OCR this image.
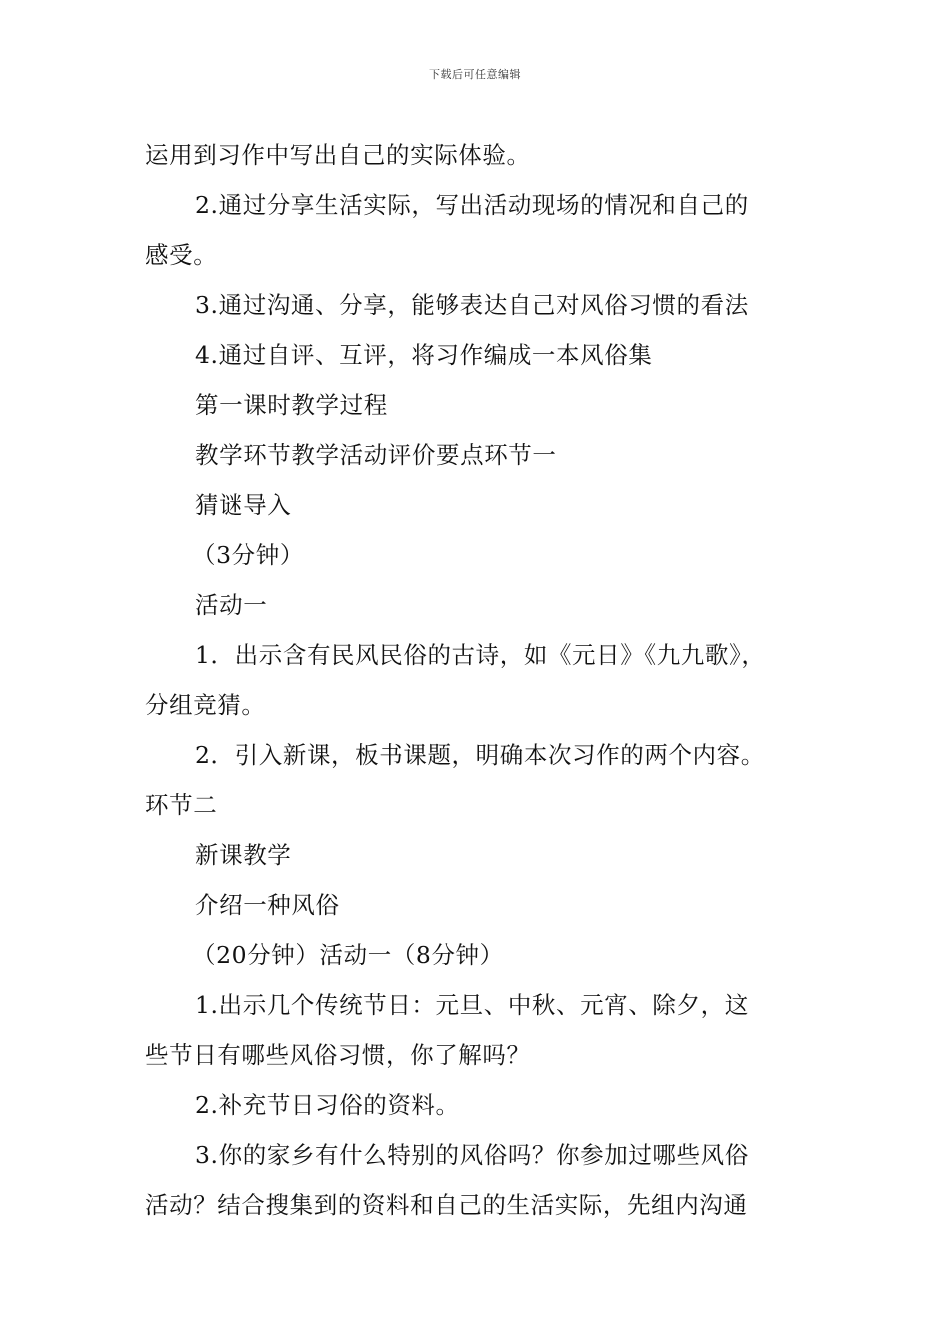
下载后可任意编辑
运用到习作中写出自己的实际体验。
2.通过分享生活实际，写出活动现场的情况和自己的
感受。
3.通过沟通、分享，能够表达自己对风俗习惯的看法
4.通过自评、互评，将习作编成一本风俗集
第一课时教学过程
教学环节教学活动评价要点环节一
猜谜导入
（3分钟）
活动一
1．出示含有民风民俗的古诗，如《元日》《九九歌》，
分组竞猜。
2．引入新课，板书课题，明确本次习作的两个内容。
环节二
新课教学
介绍一种风俗
（20分钟）活动一（8分钟）
1.出示几个传统节日：元旦、中秋、元宵、除夕，这
些节日有哪些风俗习惯，你了解吗？
2.补充节日习俗的资料。
3.你的家乡有什么特别的风俗吗？你参加过哪些风俗
活动？结合搜集到的资料和自己的生活实际，先组内沟通
